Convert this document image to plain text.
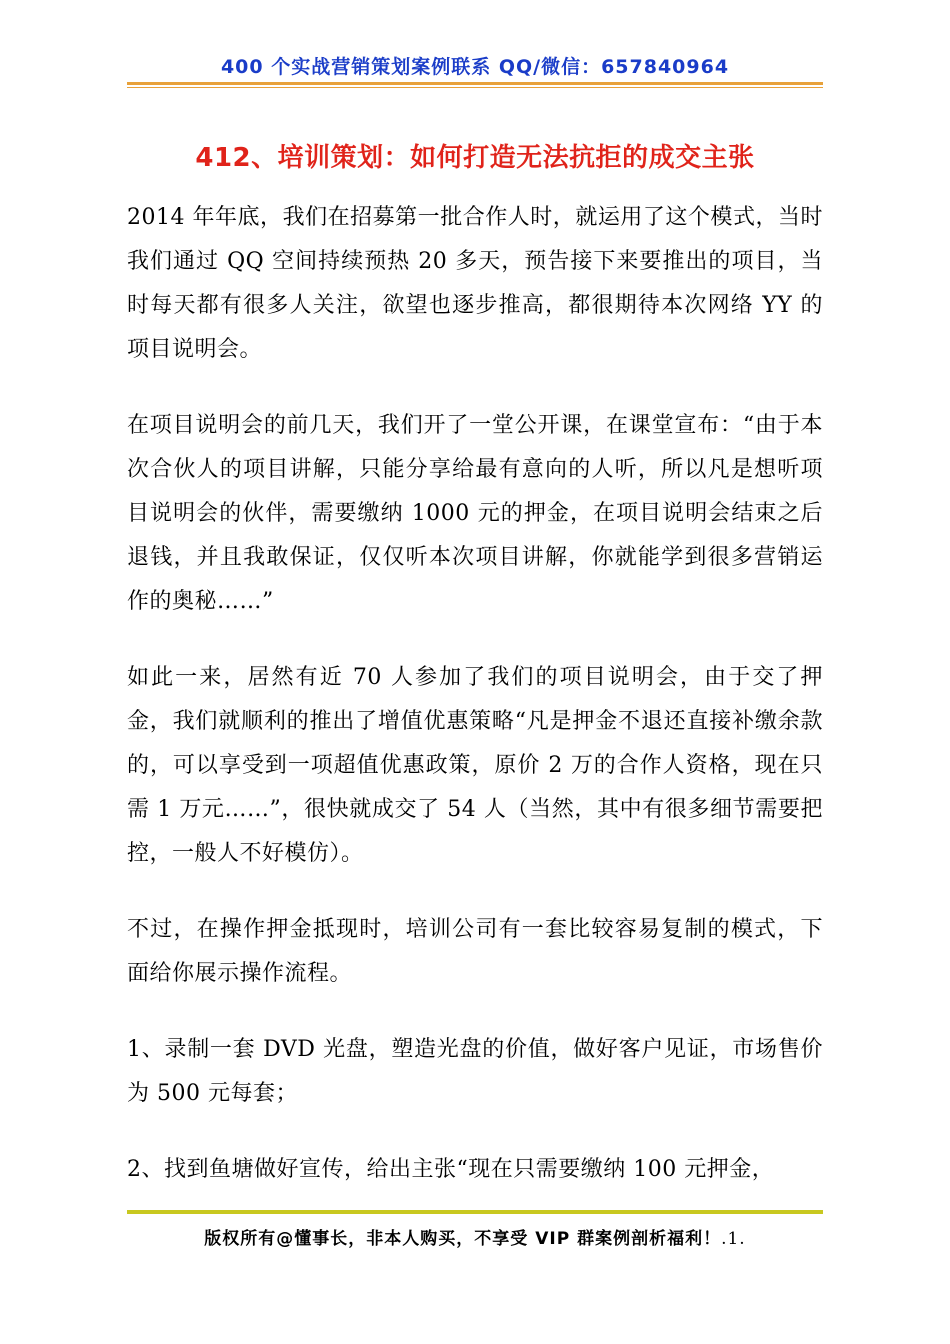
400 个实战营销策划案例联系 QQ/微信：657840964
412、培训策划：如何打造无法抗拒的成交主张

2014 年年底，我们在招募第一批合作人时，就运用了这个模式，当时我们通过 QQ 空间持续预热 20 多天，预告接下来要推出的项目，当时每天都有很多人关注，欲望也逐步推高，都很期待本次网络 YY 的项目说明会。

在项目说明会的前几天，我们开了一堂公开课，在课堂宣布：“由于本次合伙人的项目讲解，只能分享给最有意向的人听，所以凡是想听项目说明会的伙伴，需要缴纳 1000 元的押金，在项目说明会结束之后退钱，并且我敢保证，仅仅听本次项目讲解，你就能学到很多营销运作的奥秘……”

如此一来，居然有近 70 人参加了我们的项目说明会，由于交了押金，我们就顺利的推出了增值优惠策略“凡是押金不退还直接补缴余款的，可以享受到一项超值优惠政策，原价 2 万的合作人资格，现在只需 1 万元……”，很快就成交了 54 人（当然，其中有很多细节需要把控，一般人不好模仿）。

不过，在操作押金抵现时，培训公司有一套比较容易复制的模式，下面给你展示操作流程。

1、录制一套 DVD 光盘，塑造光盘的价值，做好客户见证，市场售价为 500 元每套；

2、找到鱼塘做好宣传，给出主张“现在只需要缴纳 100 元押金，

版权所有@懂事长，非本人购买，不享受 VIP 群案例剖析福利！.1.
